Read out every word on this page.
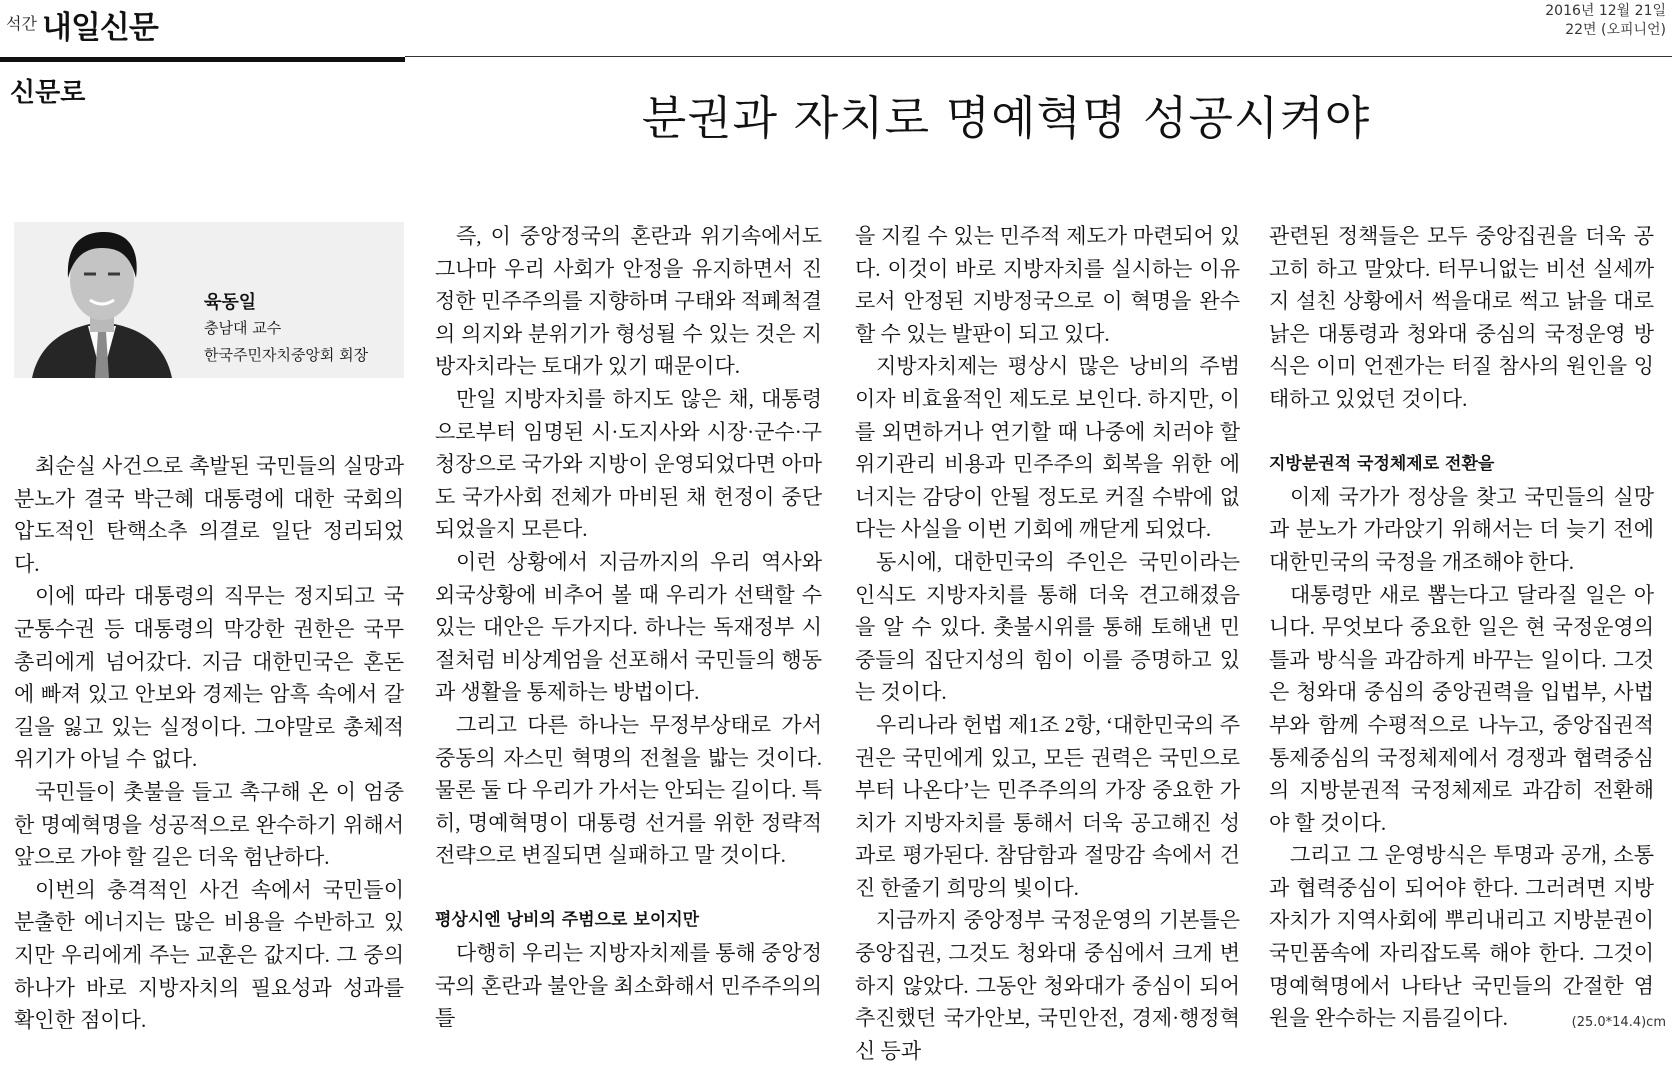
석간 내일신문	2016년 12월 21일
22면 (오피니언)
신문로	분권과 자치로 명예혁명 성공시켜야
육동일
충남대 교수
한국주민자치중앙회 회장

최순실 사건으로 촉발된 국민들의 실망과 분노가 결국 박근혜 대통령에 대한 국회의 압도적인 탄핵소추 의결로 일단 정리되었다.

이에 따라 대통령의 직무는 정지되고 국군통수권 등 대통령의 막강한 권한은 국무총리에게 넘어갔다. 지금 대한민국은 혼돈에 빠져 있고 안보와 경제는 암흑 속에서 갈 길을 잃고 있는 실정이다. 그야말로 총체적 위기가 아닐 수 없다.

국민들이 촛불을 들고 촉구해 온 이 엄중한 명예혁명을 성공적으로 완수하기 위해서 앞으로 가야 할 길은 더욱 험난하다.

이번의 충격적인 사건 속에서 국민들이 분출한 에너지는 많은 비용을 수반하고 있지만 우리에게 주는 교훈은 값지다. 그 중의 하나가 바로 지방자치의 필요성과 성과를 확인한 점이다.

즉, 이 중앙정국의 혼란과 위기속에서도 그나마 우리 사회가 안정을 유지하면서 진정한 민주주의를 지향하며 구태와 적폐척결의 의지와 분위기가 형성될 수 있는 것은 지방자치라는 토대가 있기 때문이다.

만일 지방자치를 하지도 않은 채, 대통령으로부터 임명된 시·도지사와 시장·군수·구청장으로 국가와 지방이 운영되었다면 아마도 국가사회 전체가 마비된 채 헌정이 중단되었을지 모른다.

이런 상황에서 지금까지의 우리 역사와 외국상황에 비추어 볼 때 우리가 선택할 수 있는 대안은 두가지다. 하나는 독재정부 시절처럼 비상계엄을 선포해서 국민들의 행동과 생활을 통제하는 방법이다.

그리고 다른 하나는 무정부상태로 가서 중동의 자스민 혁명의 전철을 밟는 것이다. 물론 둘 다 우리가 가서는 안되는 길이다. 특히, 명예혁명이 대통령 선거를 위한 정략적 전략으로 변질되면 실패하고 말 것이다.

평상시엔 낭비의 주범으로 보이지만

다행히 우리는 지방자치제를 통해 중앙정국의 혼란과 불안을 최소화해서 민주주의의 틀

을 지킬 수 있는 민주적 제도가 마련되어 있다. 이것이 바로 지방자치를 실시하는 이유로서 안정된 지방정국으로 이 혁명을 완수 할 수 있는 발판이 되고 있다.

지방자치제는 평상시 많은 낭비의 주범이자 비효율적인 제도로 보인다. 하지만, 이를 외면하거나 연기할 때 나중에 치러야 할 위기관리 비용과 민주주의 회복을 위한 에너지는 감당이 안될 정도로 커질 수밖에 없다는 사실을 이번 기회에 깨닫게 되었다.

동시에, 대한민국의 주인은 국민이라는 인식도 지방자치를 통해 더욱 견고해졌음을 알 수 있다. 촛불시위를 통해 토해낸 민중들의 집단지성의 힘이 이를 증명하고 있는 것이다.

우리나라 헌법 제1조 2항, ‘대한민국의 주권은 국민에게 있고, 모든 권력은 국민으로부터 나온다’는 민주주의의 가장 중요한 가치가 지방자치를 통해서 더욱 공고해진 성과로 평가된다. 참담함과 절망감 속에서 건진 한줄기 희망의 빛이다.

지금까지 중앙정부 국정운영의 기본틀은 중앙집권, 그것도 청와대 중심에서 크게 변하지 않았다. 그동안 청와대가 중심이 되어 추진했던 국가안보, 국민안전, 경제·행정혁신 등과

관련된 정책들은 모두 중앙집권을 더욱 공고히 하고 말았다. 터무니없는 비선 실세까지 설친 상황에서 썩을대로 썩고 낡을 대로 낡은 대통령과 청와대 중심의 국정운영 방식은 이미 언젠가는 터질 참사의 원인을 잉태하고 있었던 것이다.

지방분권적 국정체제로 전환을

이제 국가가 정상을 찾고 국민들의 실망과 분노가 가라앉기 위해서는 더 늦기 전에 대한민국의 국정을 개조해야 한다.

대통령만 새로 뽑는다고 달라질 일은 아니다. 무엇보다 중요한 일은 현 국정운영의 틀과 방식을 과감하게 바꾸는 일이다. 그것은 청와대 중심의 중앙권력을 입법부, 사법부와 함께 수평적으로 나누고, 중앙집권적 통제중심의 국정체제에서 경쟁과 협력중심의 지방분권적 국정체제로 과감히 전환해야 할 것이다.

그리고 그 운영방식은 투명과 공개, 소통과 협력중심이 되어야 한다. 그러려면 지방자치가 지역사회에 뿌리내리고 지방분권이 국민품속에 자리잡도록 해야 한다. 그것이 명예혁명에서 나타난 국민들의 간절한 염원을 완수하는 지름길이다.	(25.0*14.4)cm
